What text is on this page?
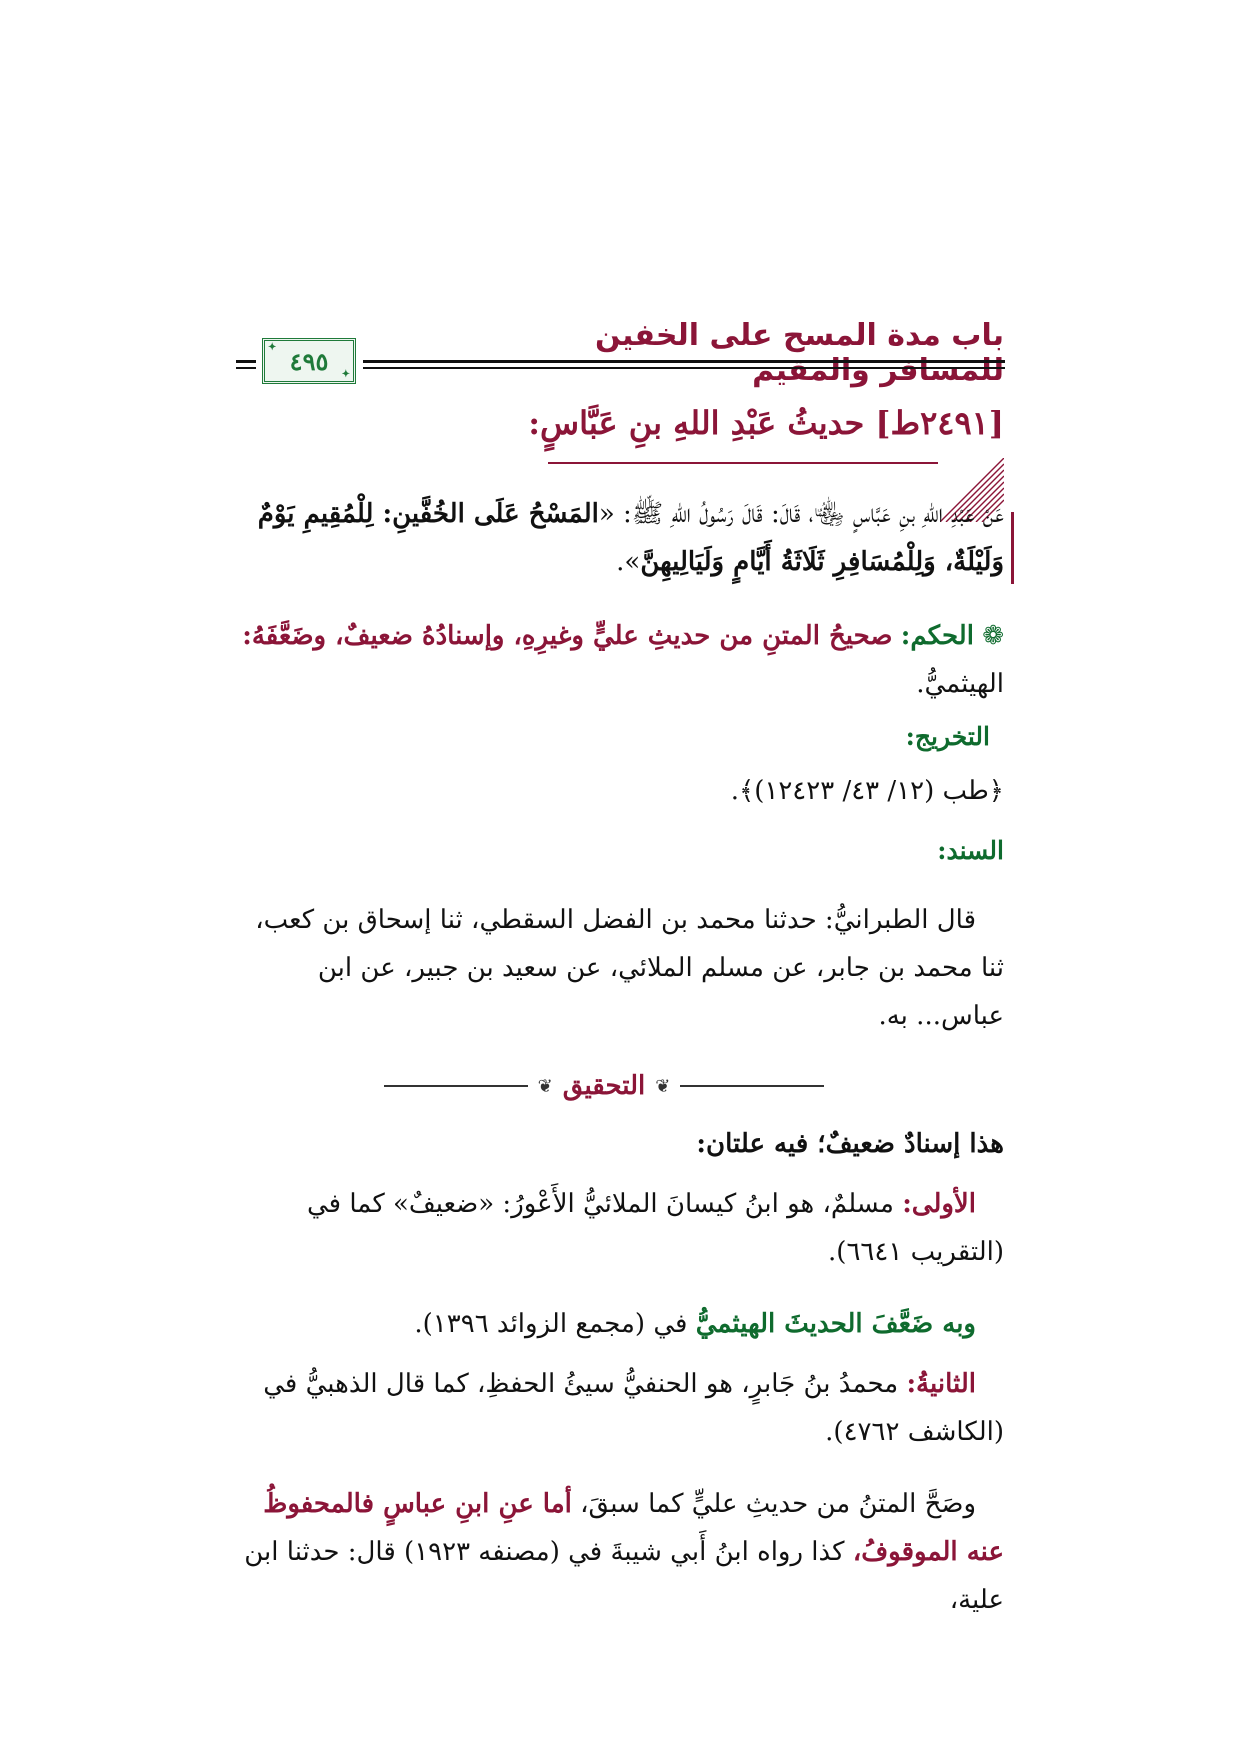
باب مدة المسح على الخفين للمسافر والمقيم
✦ ٤٩٥
✦
[٢٤٩١ط] حديثُ عَبْدِ اللهِ بنِ عَبَّاسٍ:
عَنْ عَبْدِ اللهِ بنِ عَبَّاسٍ ﵄، قَالَ: قَالَ رَسُولُ اللهِ ﷺ: «المَسْحُ عَلَى الخُفَّينِ: لِلْمُقِيمِ يَوْمٌ وَلَيْلَةٌ، وَلِلْمُسَافِرِ ثَلَاثَةُ أَيَّامٍ وَلَيَالِيهِنَّ».
❁ الحكم: صحيحُ المتنِ من حديثِ عليٍّ وغيرِهِ، وإسنادُهُ ضعيفٌ، وضَعَّفَهُ:
الهيثميُّ.
التخريج:
﴿طب (١٢/ ٤٣/ ١٢٤٢٣)﴾.
السند:
قال الطبرانيُّ: حدثنا محمد بن الفضل السقطي، ثنا إسحاق بن كعب، ثنا محمد بن جابر، عن مسلم الملائي، عن سعيد بن جبير، عن ابن عباس... به.
❦
التحقيق
❦
هذا إسنادٌ ضعيفٌ؛ فيه علتان:
الأولى: مسلمٌ، هو ابنُ كيسانَ الملائيُّ الأَعْورُ: «ضعيفٌ» كما في (التقريب ٦٦٤١).
وبه ضَعَّفَ الحديثَ الهيثميُّ في (مجمع الزوائد ١٣٩٦).
الثانيةُ: محمدُ بنُ جَابرٍ، هو الحنفيُّ سيئُ الحفظِ، كما قال الذهبيُّ في (الكاشف ٤٧٦٢).
وصَحَّ المتنُ من حديثِ عليٍّ كما سبقَ، أما عنِ ابنِ عباسٍ فالمحفوظُ عنه الموقوفُ، كذا رواه ابنُ أَبي شيبةَ في (مصنفه ١٩٢٣) قال: حدثنا ابن علية،
